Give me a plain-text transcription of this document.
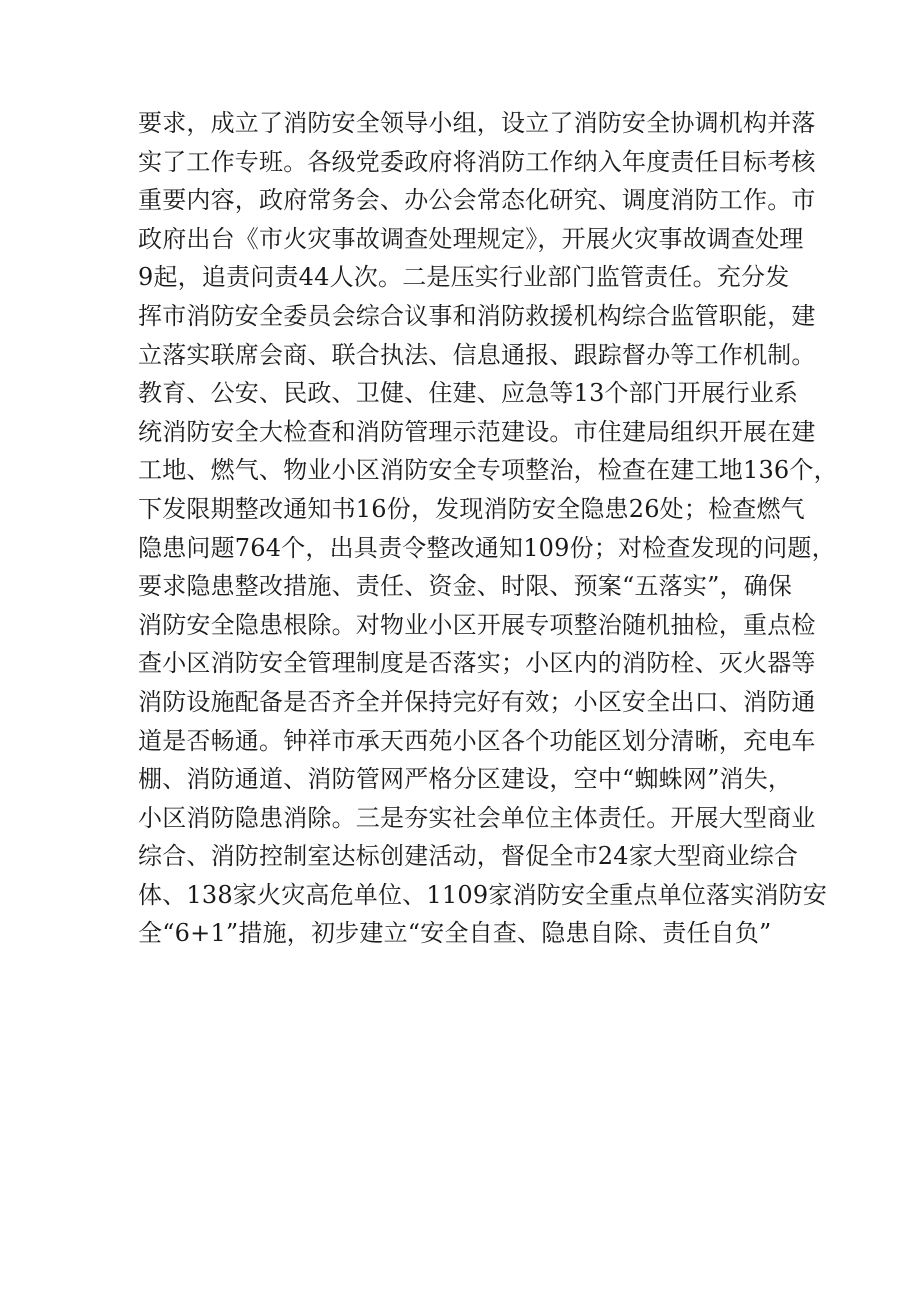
要求，成立了消防安全领导小组，设立了消防安全协调机构并落
实了工作专班。各级党委政府将消防工作纳入年度责任目标考核
重要内容，政府常务会、办公会常态化研究、调度消防工作。市
政府出台《市火灾事故调查处理规定》，开展火灾事故调查处理
9起，追责问责44人次。二是压实行业部门监管责任。充分发
挥市消防安全委员会综合议事和消防救援机构综合监管职能，建
立落实联席会商、联合执法、信息通报、跟踪督办等工作机制。
教育、公安、民政、卫健、住建、应急等13个部门开展行业系
统消防安全大检查和消防管理示范建设。市住建局组织开展在建
工地、燃气、物业小区消防安全专项整治，检查在建工地136个，
下发限期整改通知书16份，发现消防安全隐患26处；检查燃气
隐患问题764个，出具责令整改通知109份；对检查发现的问题，
要求隐患整改措施、责任、资金、时限、预案“五落实”，确保
消防安全隐患根除。对物业小区开展专项整治随机抽检，重点检
查小区消防安全管理制度是否落实；小区内的消防栓、灭火器等
消防设施配备是否齐全并保持完好有效；小区安全出口、消防通
道是否畅通。钟祥市承天西苑小区各个功能区划分清晰，充电车
棚、消防通道、消防管网严格分区建设，空中“蜘蛛网”消失，
小区消防隐患消除。三是夯实社会单位主体责任。开展大型商业
综合、消防控制室达标创建活动，督促全市24家大型商业综合
体、138家火灾高危单位、1109家消防安全重点单位落实消防安
全“6+1”措施，初步建立“安全自查、隐患自除、责任自负”
